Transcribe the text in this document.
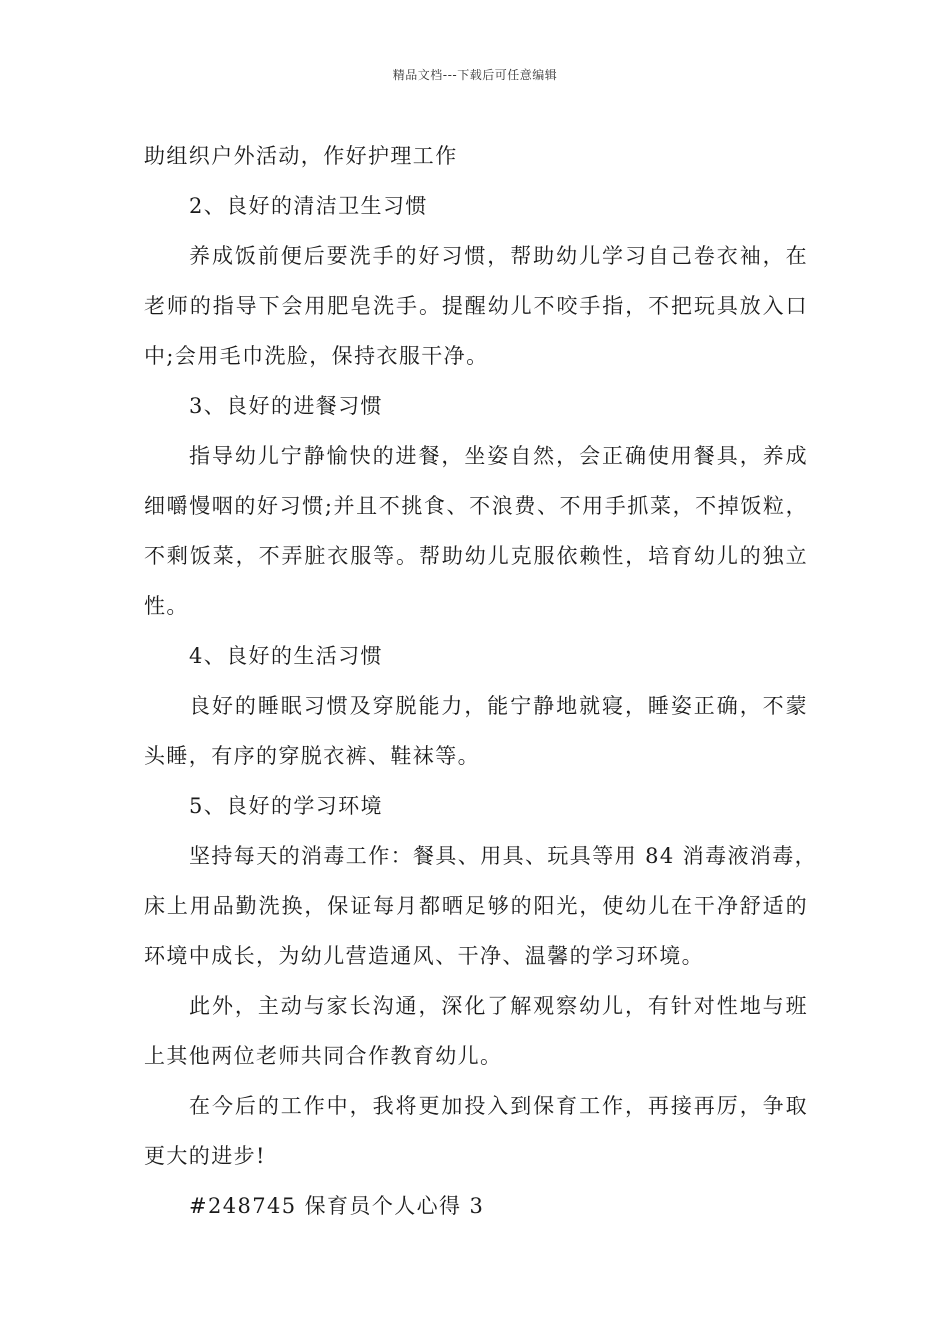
精品文档---下载后可任意编辑
助组织户外活动，作好护理工作
2、良好的清洁卫生习惯
养成饭前便后要洗手的好习惯，帮助幼儿学习自己卷衣袖，在
老师的指导下会用肥皂洗手。提醒幼儿不咬手指，不把玩具放入口
中;会用毛巾洗脸，保持衣服干净。
3、良好的进餐习惯
指导幼儿宁静愉快的进餐，坐姿自然，会正确使用餐具，养成
细嚼慢咽的好习惯;并且不挑食、不浪费、不用手抓菜，不掉饭粒，
不剩饭菜，不弄脏衣服等。帮助幼儿克服依赖性，培育幼儿的独立
性。
4、良好的生活习惯
良好的睡眠习惯及穿脱能力，能宁静地就寝，睡姿正确，不蒙
头睡，有序的穿脱衣裤、鞋袜等。
5、良好的学习环境
坚持每天的消毒工作：餐具、用具、玩具等用 84 消毒液消毒，
床上用品勤洗换，保证每月都晒足够的阳光，使幼儿在干净舒适的
环境中成长，为幼儿营造通风、干净、温馨的学习环境。
此外，主动与家长沟通，深化了解观察幼儿，有针对性地与班
上其他两位老师共同合作教育幼儿。
在今后的工作中，我将更加投入到保育工作，再接再厉，争取
更大的进步!
#248745 保育员个人心得 3
